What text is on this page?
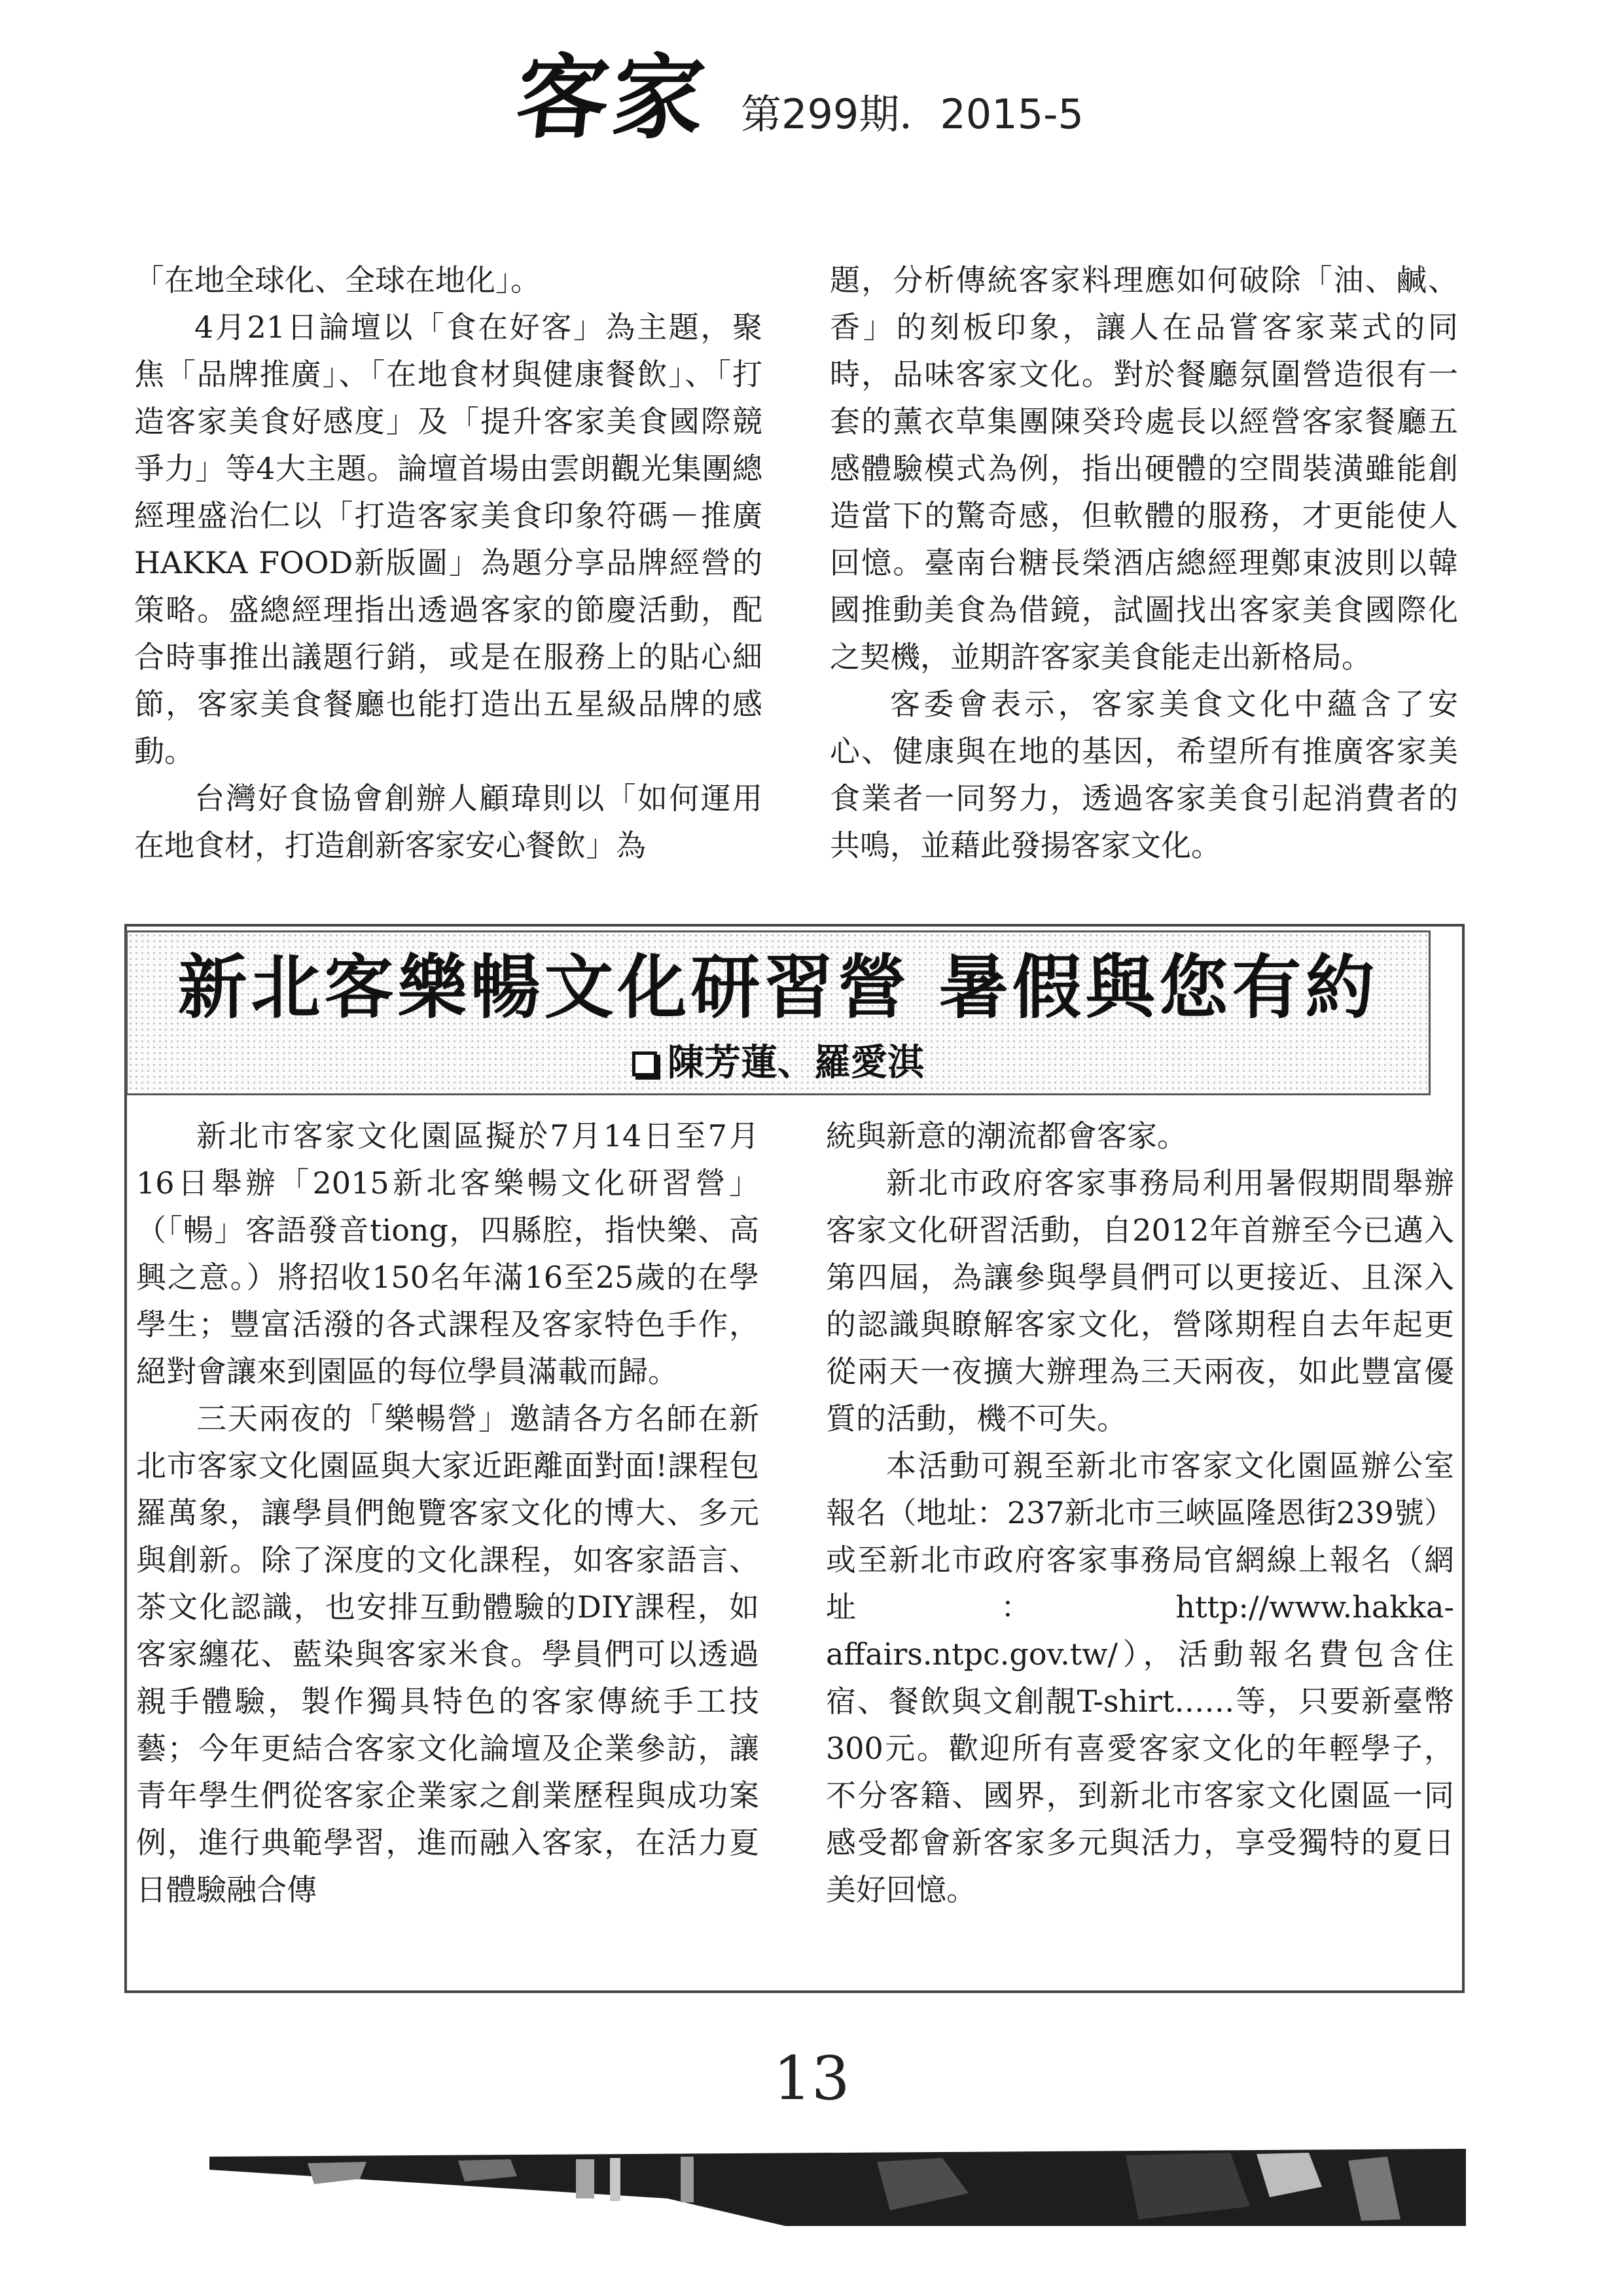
客家 第299期．2015-5

「在地全球化、全球在地化」。

4月21日論壇以「食在好客」為主題，聚焦「品牌推廣」、「在地食材與健康餐飲」、「打造客家美食好感度」及「提升客家美食國際競爭力」等4大主題。論壇首場由雲朗觀光集團總經理盛治仁以「打造客家美食印象符碼－推廣HAKKA FOOD新版圖」為題分享品牌經營的策略。盛總經理指出透過客家的節慶活動，配合時事推出議題行銷，或是在服務上的貼心細節，客家美食餐廳也能打造出五星級品牌的感動。

台灣好食協會創辦人顧瑋則以「如何運用在地食材，打造創新客家安心餐飲」為

題，分析傳統客家料理應如何破除「油、鹹、香」的刻板印象，讓人在品嘗客家菜式的同時，品味客家文化。對於餐廳氛圍營造很有一套的薰衣草集團陳癸玲處長以經營客家餐廳五感體驗模式為例，指出硬體的空間裝潢雖能創造當下的驚奇感，但軟體的服務，才更能使人回憶。臺南台糖長榮酒店總經理鄭東波則以韓國推動美食為借鏡，試圖找出客家美食國際化之契機，並期許客家美食能走出新格局。

客委會表示，客家美食文化中蘊含了安心、健康與在地的基因，希望所有推廣客家美食業者一同努力，透過客家美食引起消費者的共鳴，並藉此發揚客家文化。

新北客樂暢文化研習營 暑假與您有約
陳芳蓮、羅愛淇

新北市客家文化園區擬於7月14日至7月16日舉辦「2015新北客樂暢文化研習營」（「暢」客語發音tiong，四縣腔，指快樂、高興之意。）將招收150名年滿16至25歲的在學學生；豐富活潑的各式課程及客家特色手作，絕對會讓來到園區的每位學員滿載而歸。

三天兩夜的「樂暢營」邀請各方名師在新北市客家文化園區與大家近距離面對面!課程包羅萬象，讓學員們飽覽客家文化的博大、多元與創新。除了深度的文化課程，如客家語言、茶文化認識，也安排互動體驗的DIY課程，如客家纏花、藍染與客家米食。學員們可以透過親手體驗，製作獨具特色的客家傳統手工技藝；今年更結合客家文化論壇及企業參訪，讓青年學生們從客家企業家之創業歷程與成功案例，進行典範學習，進而融入客家，在活力夏日體驗融合傳

統與新意的潮流都會客家。

新北市政府客家事務局利用暑假期間舉辦客家文化研習活動，自2012年首辦至今已邁入第四屆，為讓參與學員們可以更接近、且深入的認識與瞭解客家文化，營隊期程自去年起更從兩天一夜擴大辦理為三天兩夜，如此豐富優質的活動，機不可失。

本活動可親至新北市客家文化園區辦公室報名（地址：237新北市三峽區隆恩街239號）或至新北市政府客家事務局官網線上報名（網址：http://www.hakka-affairs.ntpc.gov.tw/），活動報名費包含住宿、餐飲與文創靚T-shirt……等，只要新臺幣300元。歡迎所有喜愛客家文化的年輕學子，不分客籍、國界，到新北市客家文化園區一同感受都會新客家多元與活力，享受獨特的夏日美好回憶。

13
